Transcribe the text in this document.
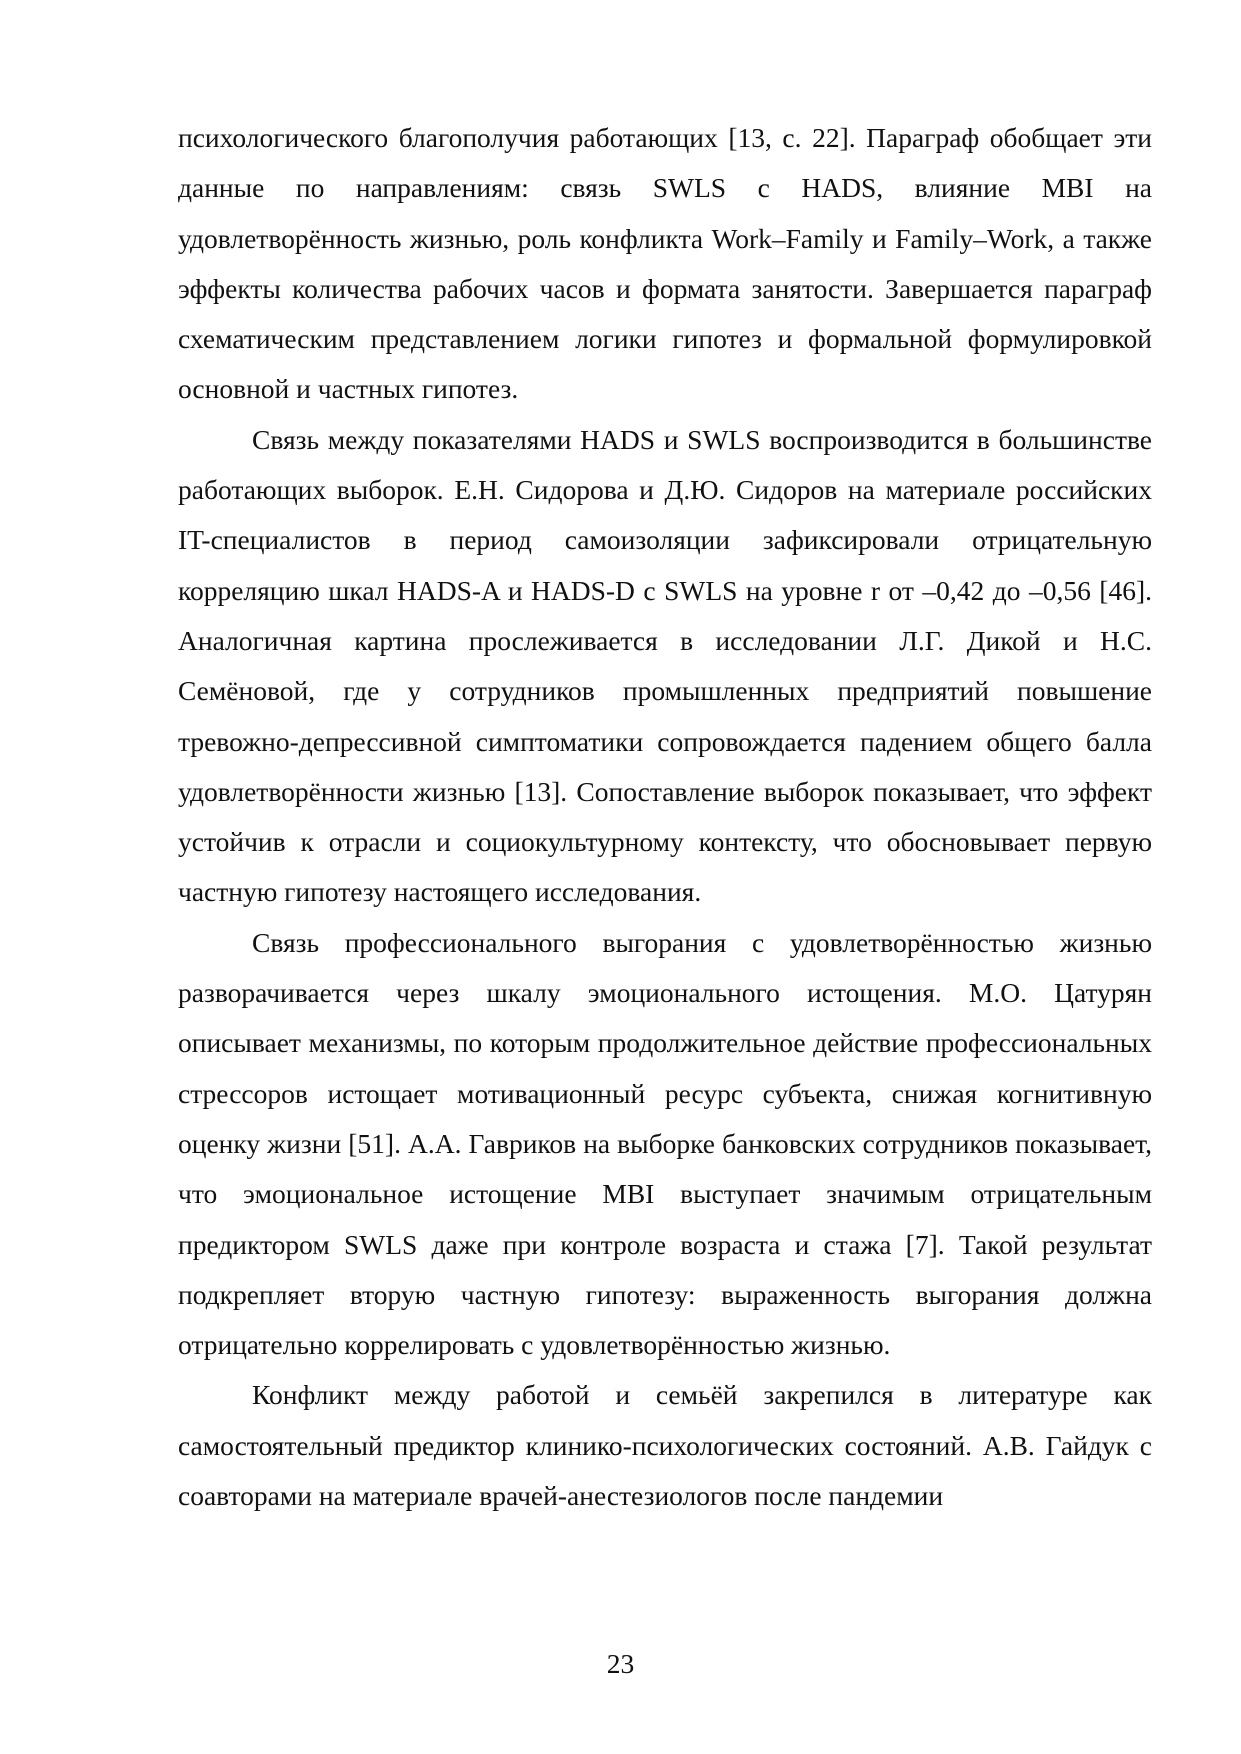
психологического благополучия работающих [13, с. 22]. Параграф обобщает эти данные по направлениям: связь SWLS с HADS, влияние MBI на удовлетворённость жизнью, роль конфликта Work–Family и Family–Work, а также эффекты количества рабочих часов и формата занятости. Завершается параграф схематическим представлением логики гипотез и формальной формулировкой основной и частных гипотез.

Связь между показателями HADS и SWLS воспроизводится в большинстве работающих выборок. Е.Н. Сидорова и Д.Ю. Сидоров на материале российских IT-специалистов в период самоизоляции зафиксировали отрицательную корреляцию шкал HADS-A и HADS-D с SWLS на уровне r от –0,42 до –0,56 [46]. Аналогичная картина прослеживается в исследовании Л.Г. Дикой и Н.С. Семёновой, где у сотрудников промышленных предприятий повышение тревожно-депрессивной симптоматики сопровождается падением общего балла удовлетворённости жизнью [13]. Сопоставление выборок показывает, что эффект устойчив к отрасли и социокультурному контексту, что обосновывает первую частную гипотезу настоящего исследования.

Связь профессионального выгорания с удовлетворённостью жизнью разворачивается через шкалу эмоционального истощения. М.О. Цатурян описывает механизмы, по которым продолжительное действие профессиональных стрессоров истощает мотивационный ресурс субъекта, снижая когнитивную оценку жизни [51]. А.А. Гавриков на выборке банковских сотрудников показывает, что эмоциональное истощение MBI выступает значимым отрицательным предиктором SWLS даже при контроле возраста и стажа [7]. Такой результат подкрепляет вторую частную гипотезу: выраженность выгорания должна отрицательно коррелировать с удовлетворённостью жизнью.

Конфликт между работой и семьёй закрепился в литературе как самостоятельный предиктор клинико-психологических состояний. А.В. Гайдук с соавторами на материале врачей-анестезиологов после пандемии

23
